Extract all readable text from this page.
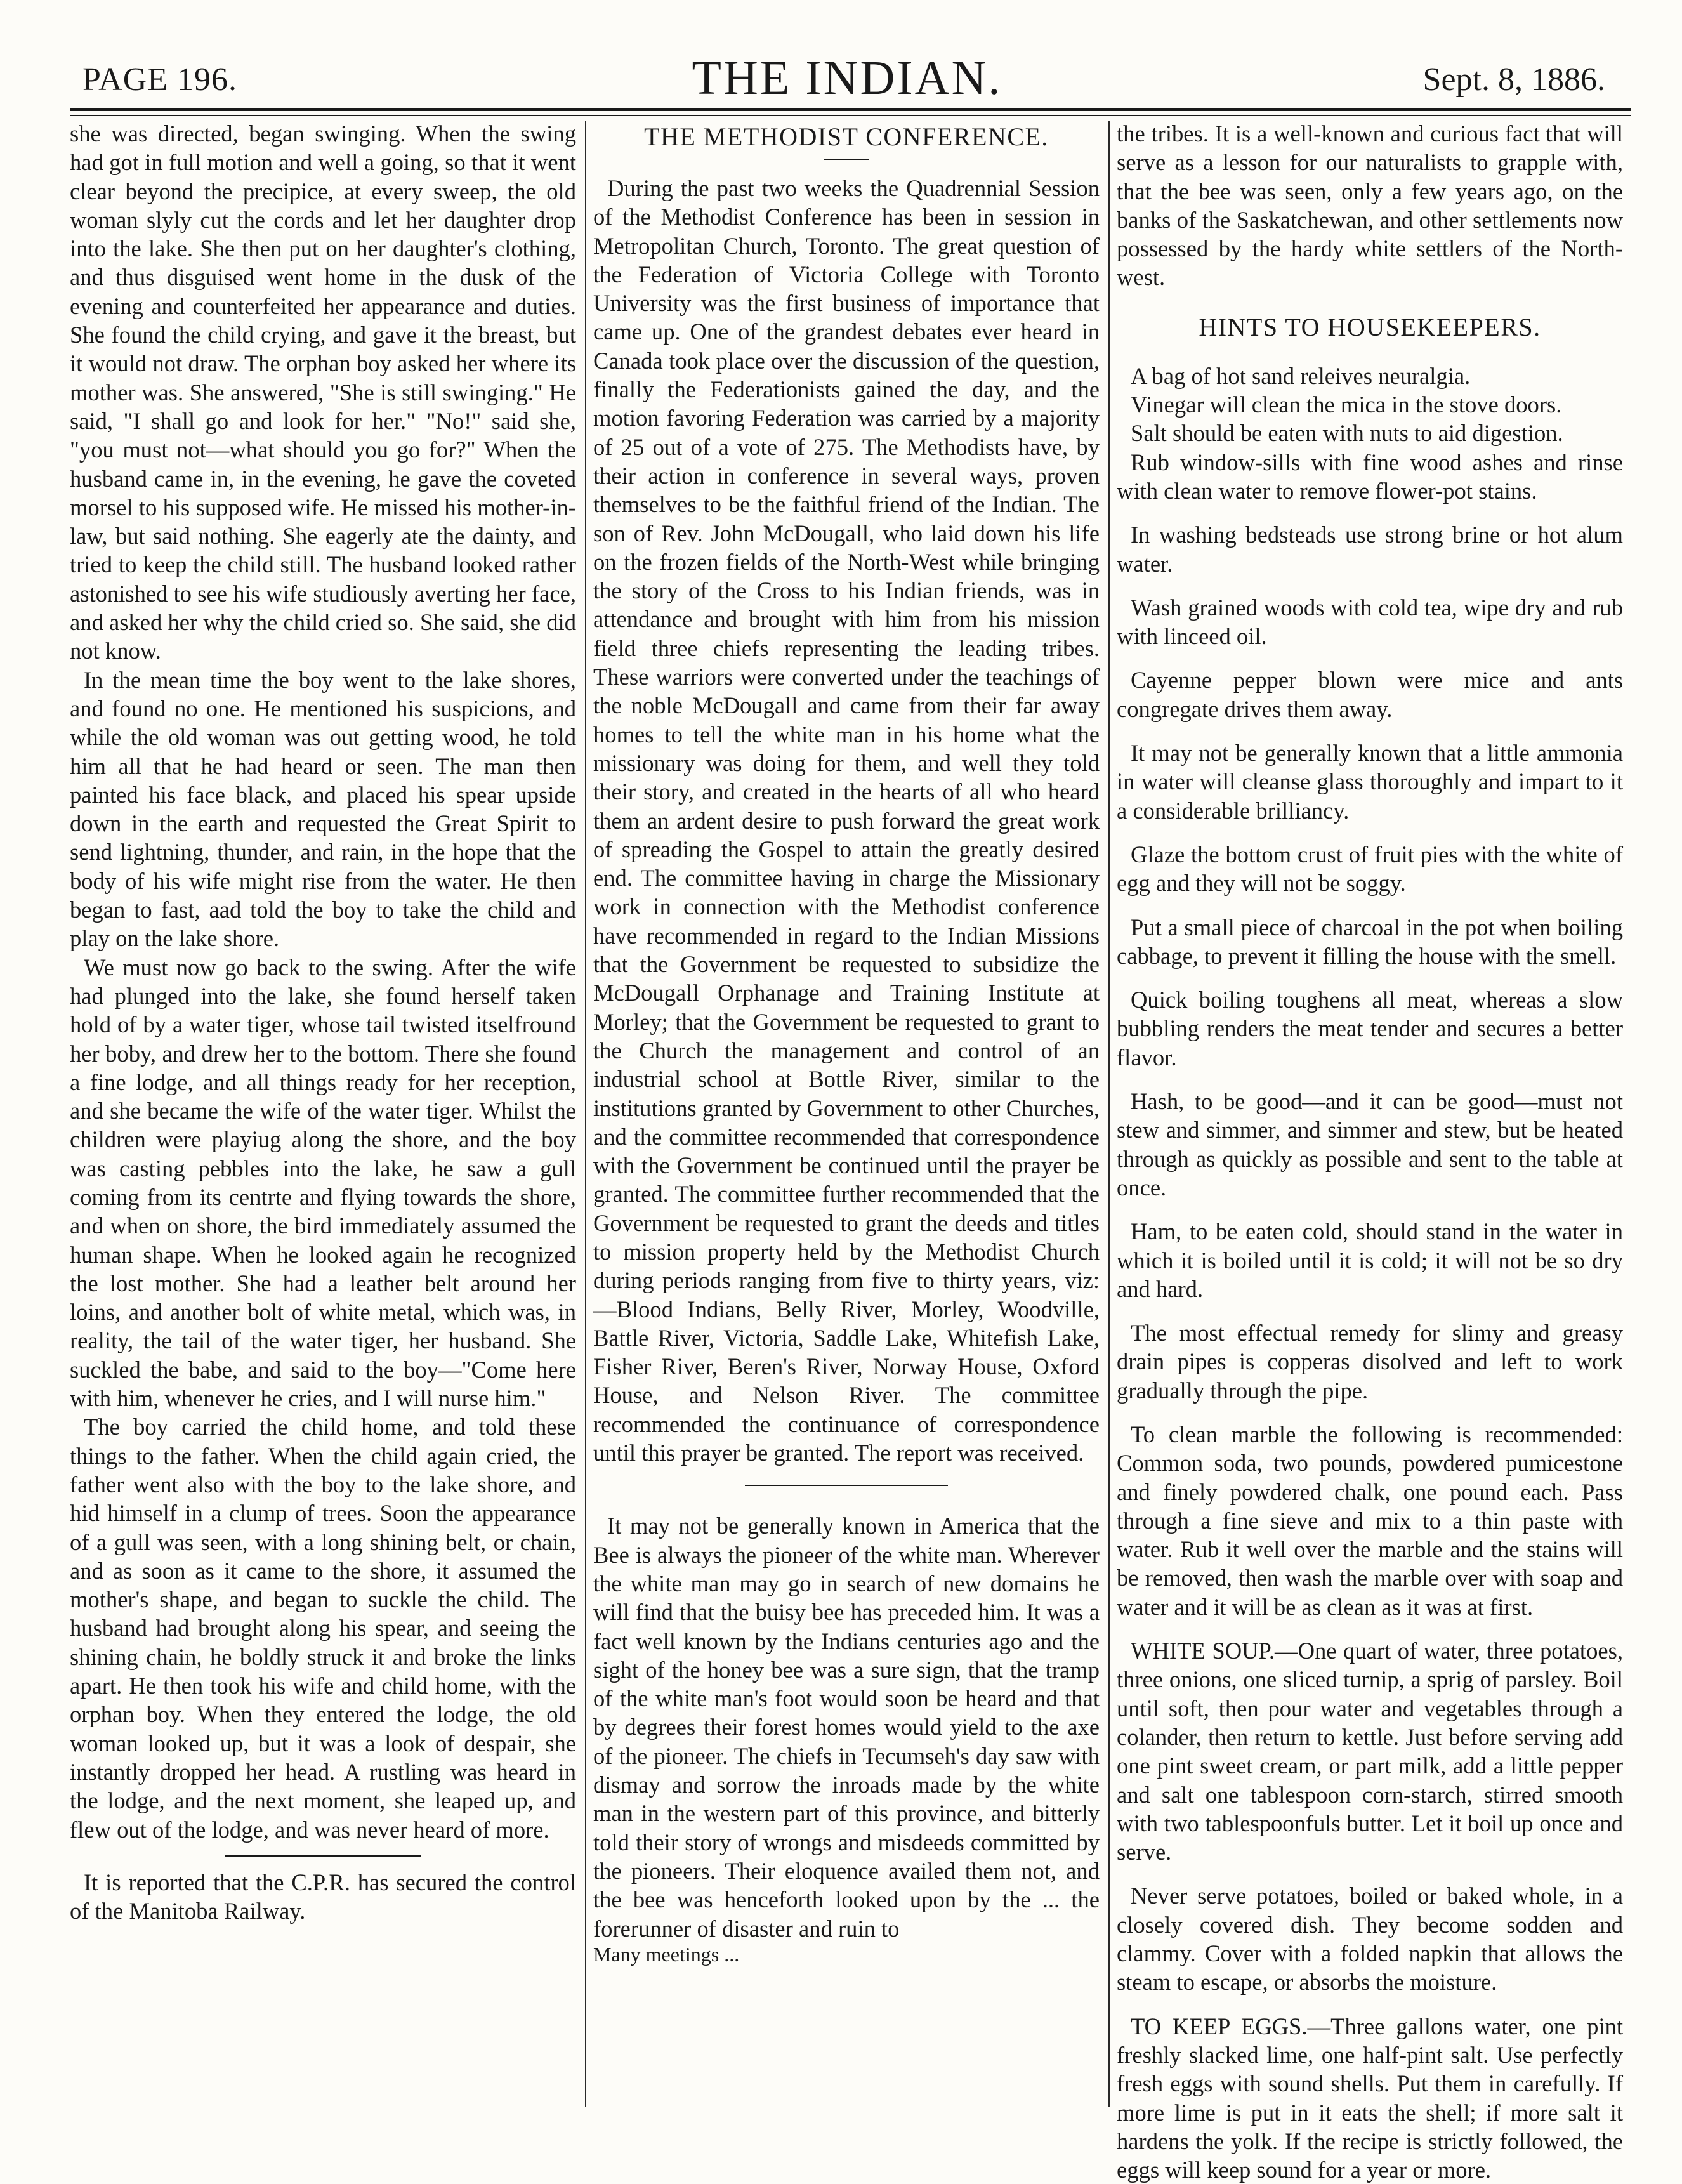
PAGE 196.	THE INDIAN.	Sept. 8, 1886.

she was directed, began swinging. When the swing had got in full motion and well a going, so that it went clear beyond the precipice, at every sweep, the old woman slyly cut the cords and let her daughter drop into the lake. She then put on her daughter's clothing, and thus disguised went home in the dusk of the evening and counterfeited her appearance and duties. She found the child crying, and gave it the breast, but it would not draw. The orphan boy asked her where its mother was. She answered, "She is still swinging." He said, "I shall go and look for her." "No!" said she, "you must not—what should you go for?" When the husband came in, in the evening, he gave the coveted morsel to his supposed wife. He missed his mother-in-law, but said nothing. She eagerly ate the dainty, and tried to keep the child still. The husband looked rather astonished to see his wife studiously averting her face, and asked her why the child cried so. She said, she did not know.

In the mean time the boy went to the lake shores, and found no one. He mentioned his suspicions, and while the old woman was out getting wood, he told him all that he had heard or seen. The man then painted his face black, and placed his spear upside down in the earth and requested the Great Spirit to send lightning, thunder, and rain, in the hope that the body of his wife might rise from the water. He then began to fast, aad told the boy to take the child and play on the lake shore.

We must now go back to the swing. After the wife had plunged into the lake, she found herself taken hold of by a water tiger, whose tail twisted itselfround her boby, and drew her to the bottom. There she found a fine lodge, and all things ready for her reception, and she became the wife of the water tiger. Whilst the children were playiug along the shore, and the boy was casting pebbles into the lake, he saw a gull coming from its centrte and flying towards the shore, and when on shore, the bird immediately assumed the human shape. When he looked again he recognized the lost mother. She had a leather belt around her loins, and another bolt of white metal, which was, in reality, the tail of the water tiger, her husband. She suckled the babe, and said to the boy—"Come here with him, whenever he cries, and I will nurse him."

The boy carried the child home, and told these things to the father. When the child again cried, the father went also with the boy to the lake shore, and hid himself in a clump of trees. Soon the appearance of a gull was seen, with a long shining belt, or chain, and as soon as it came to the shore, it assumed the mother's shape, and began to suckle the child. The husband had brought along his spear, and seeing the shining chain, he boldly struck it and broke the links apart. He then took his wife and child home, with the orphan boy. When they entered the lodge, the old woman looked up, but it was a look of despair, she instantly dropped her head. A rustling was heard in the lodge, and the next moment, she leaped up, and flew out of the lodge, and was never heard of more.

It is reported that the C.P.R. has secured the control of the Manitoba Railway.

THE METHODIST CONFERENCE.

During the past two weeks the Quadrennial Session of the Methodist Conference has been in session in Metropolitan Church, Toronto. The great question of the Federation of Victoria College with Toronto University was the first business of importance that came up. One of the grandest debates ever heard in Canada took place over the discussion of the question, finally the Federationists gained the day, and the motion favoring Federation was carried by a majority of 25 out of a vote of 275. The Methodists have, by their action in conference in several ways, proven themselves to be the faithful friend of the Indian. The son of Rev. John McDougall, who laid down his life on the frozen fields of the North-West while bringing the story of the Cross to his Indian friends, was in attendance and brought with him from his mission field three chiefs representing the leading tribes. These warriors were converted under the teachings of the noble McDougall and came from their far away homes to tell the white man in his home what the missionary was doing for them, and well they told their story, and created in the hearts of all who heard them an ardent desire to push forward the great work of spreading the Gospel to attain the greatly desired end. The committee having in charge the Missionary work in connection with the Methodist conference have recommended in regard to the Indian Missions that the Government be requested to subsidize the McDougall Orphanage and Training Institute at Morley; that the Government be requested to grant to the Church the management and control of an industrial school at Bottle River, similar to the institutions granted by Government to other Churches, and the committee recommended that correspondence with the Government be continued until the prayer be granted. The committee further recommended that the Government be requested to grant the deeds and titles to mission property held by the Methodist Church during periods ranging from five to thirty years, viz:—Blood Indians, Belly River, Morley, Woodville, Battle River, Victoria, Saddle Lake, Whitefish Lake, Fisher River, Beren's River, Norway House, Oxford House, and Nelson River. The committee recommended the continuance of correspondence until this prayer be granted. The report was received.

It may not be generally known in America that the Bee is always the pioneer of the white man. Wherever the white man may go in search of new domains he will find that the buisy bee has preceded him. It was a fact well known by the Indians centuries ago and the sight of the honey bee was a sure sign, that the tramp of the white man's foot would soon be heard and that by degrees their forest homes would yield to the axe of the pioneer. The chiefs in Tecumseh's day saw with dismay and sorrow the inroads made by the white man in the western part of this province, and bitterly told their story of wrongs and misdeeds committed by the pioneers. Their eloquence availed them not, and the bee was henceforth looked upon by the ... the forerunner of disaster and ruin to

Many meetings ...

the tribes. It is a well-known and curious fact that will serve as a lesson for our naturalists to grapple with, that the bee was seen, only a few years ago, on the banks of the Saskatchewan, and other settlements now possessed by the hardy white settlers of the North-west.

HINTS TO HOUSEKEEPERS.

A bag of hot sand releives neuralgia.

Vinegar will clean the mica in the stove doors.

Salt should be eaten with nuts to aid digestion.

Rub window-sills with fine wood ashes and rinse with clean water to remove flower-pot stains.

In washing bedsteads use strong brine or hot alum water.

Wash grained woods with cold tea, wipe dry and rub with linceed oil.

Cayenne pepper blown were mice and ants congregate drives them away.

It may not be generally known that a little ammonia in water will cleanse glass thoroughly and impart to it a considerable brilliancy.

Glaze the bottom crust of fruit pies with the white of egg and they will not be soggy.

Put a small piece of charcoal in the pot when boiling cabbage, to prevent it filling the house with the smell.

Quick boiling toughens all meat, whereas a slow bubbling renders the meat tender and secures a better flavor.

Hash, to be good—and it can be good—must not stew and simmer, and simmer and stew, but be heated through as quickly as possible and sent to the table at once.

Ham, to be eaten cold, should stand in the water in which it is boiled until it is cold; it will not be so dry and hard.

The most effectual remedy for slimy and greasy drain pipes is copperas disolved and left to work gradually through the pipe.

To clean marble the following is recommended: Common soda, two pounds, powdered pumicestone and finely powdered chalk, one pound each. Pass through a fine sieve and mix to a thin paste with water. Rub it well over the marble and the stains will be removed, then wash the marble over with soap and water and it will be as clean as it was at first.

WHITE SOUP.—One quart of water, three potatoes, three onions, one sliced turnip, a sprig of parsley. Boil until soft, then pour water and vegetables through a colander, then return to kettle. Just before serving add one pint sweet cream, or part milk, add a little pepper and salt one tablespoon corn-starch, stirred smooth with two tablespoonfuls butter. Let it boil up once and serve.

Never serve potatoes, boiled or baked whole, in a closely covered dish. They become sodden and clammy. Cover with a folded napkin that allows the steam to escape, or absorbs the moisture.

TO KEEP EGGS.—Three gallons water, one pint freshly slacked lime, one half-pint salt. Use perfectly fresh eggs with sound shells. Put them in carefully. If more lime is put in it eats the shell; if more salt it hardens the yolk. If the recipe is strictly followed, the eggs will keep sound for a year or more.
